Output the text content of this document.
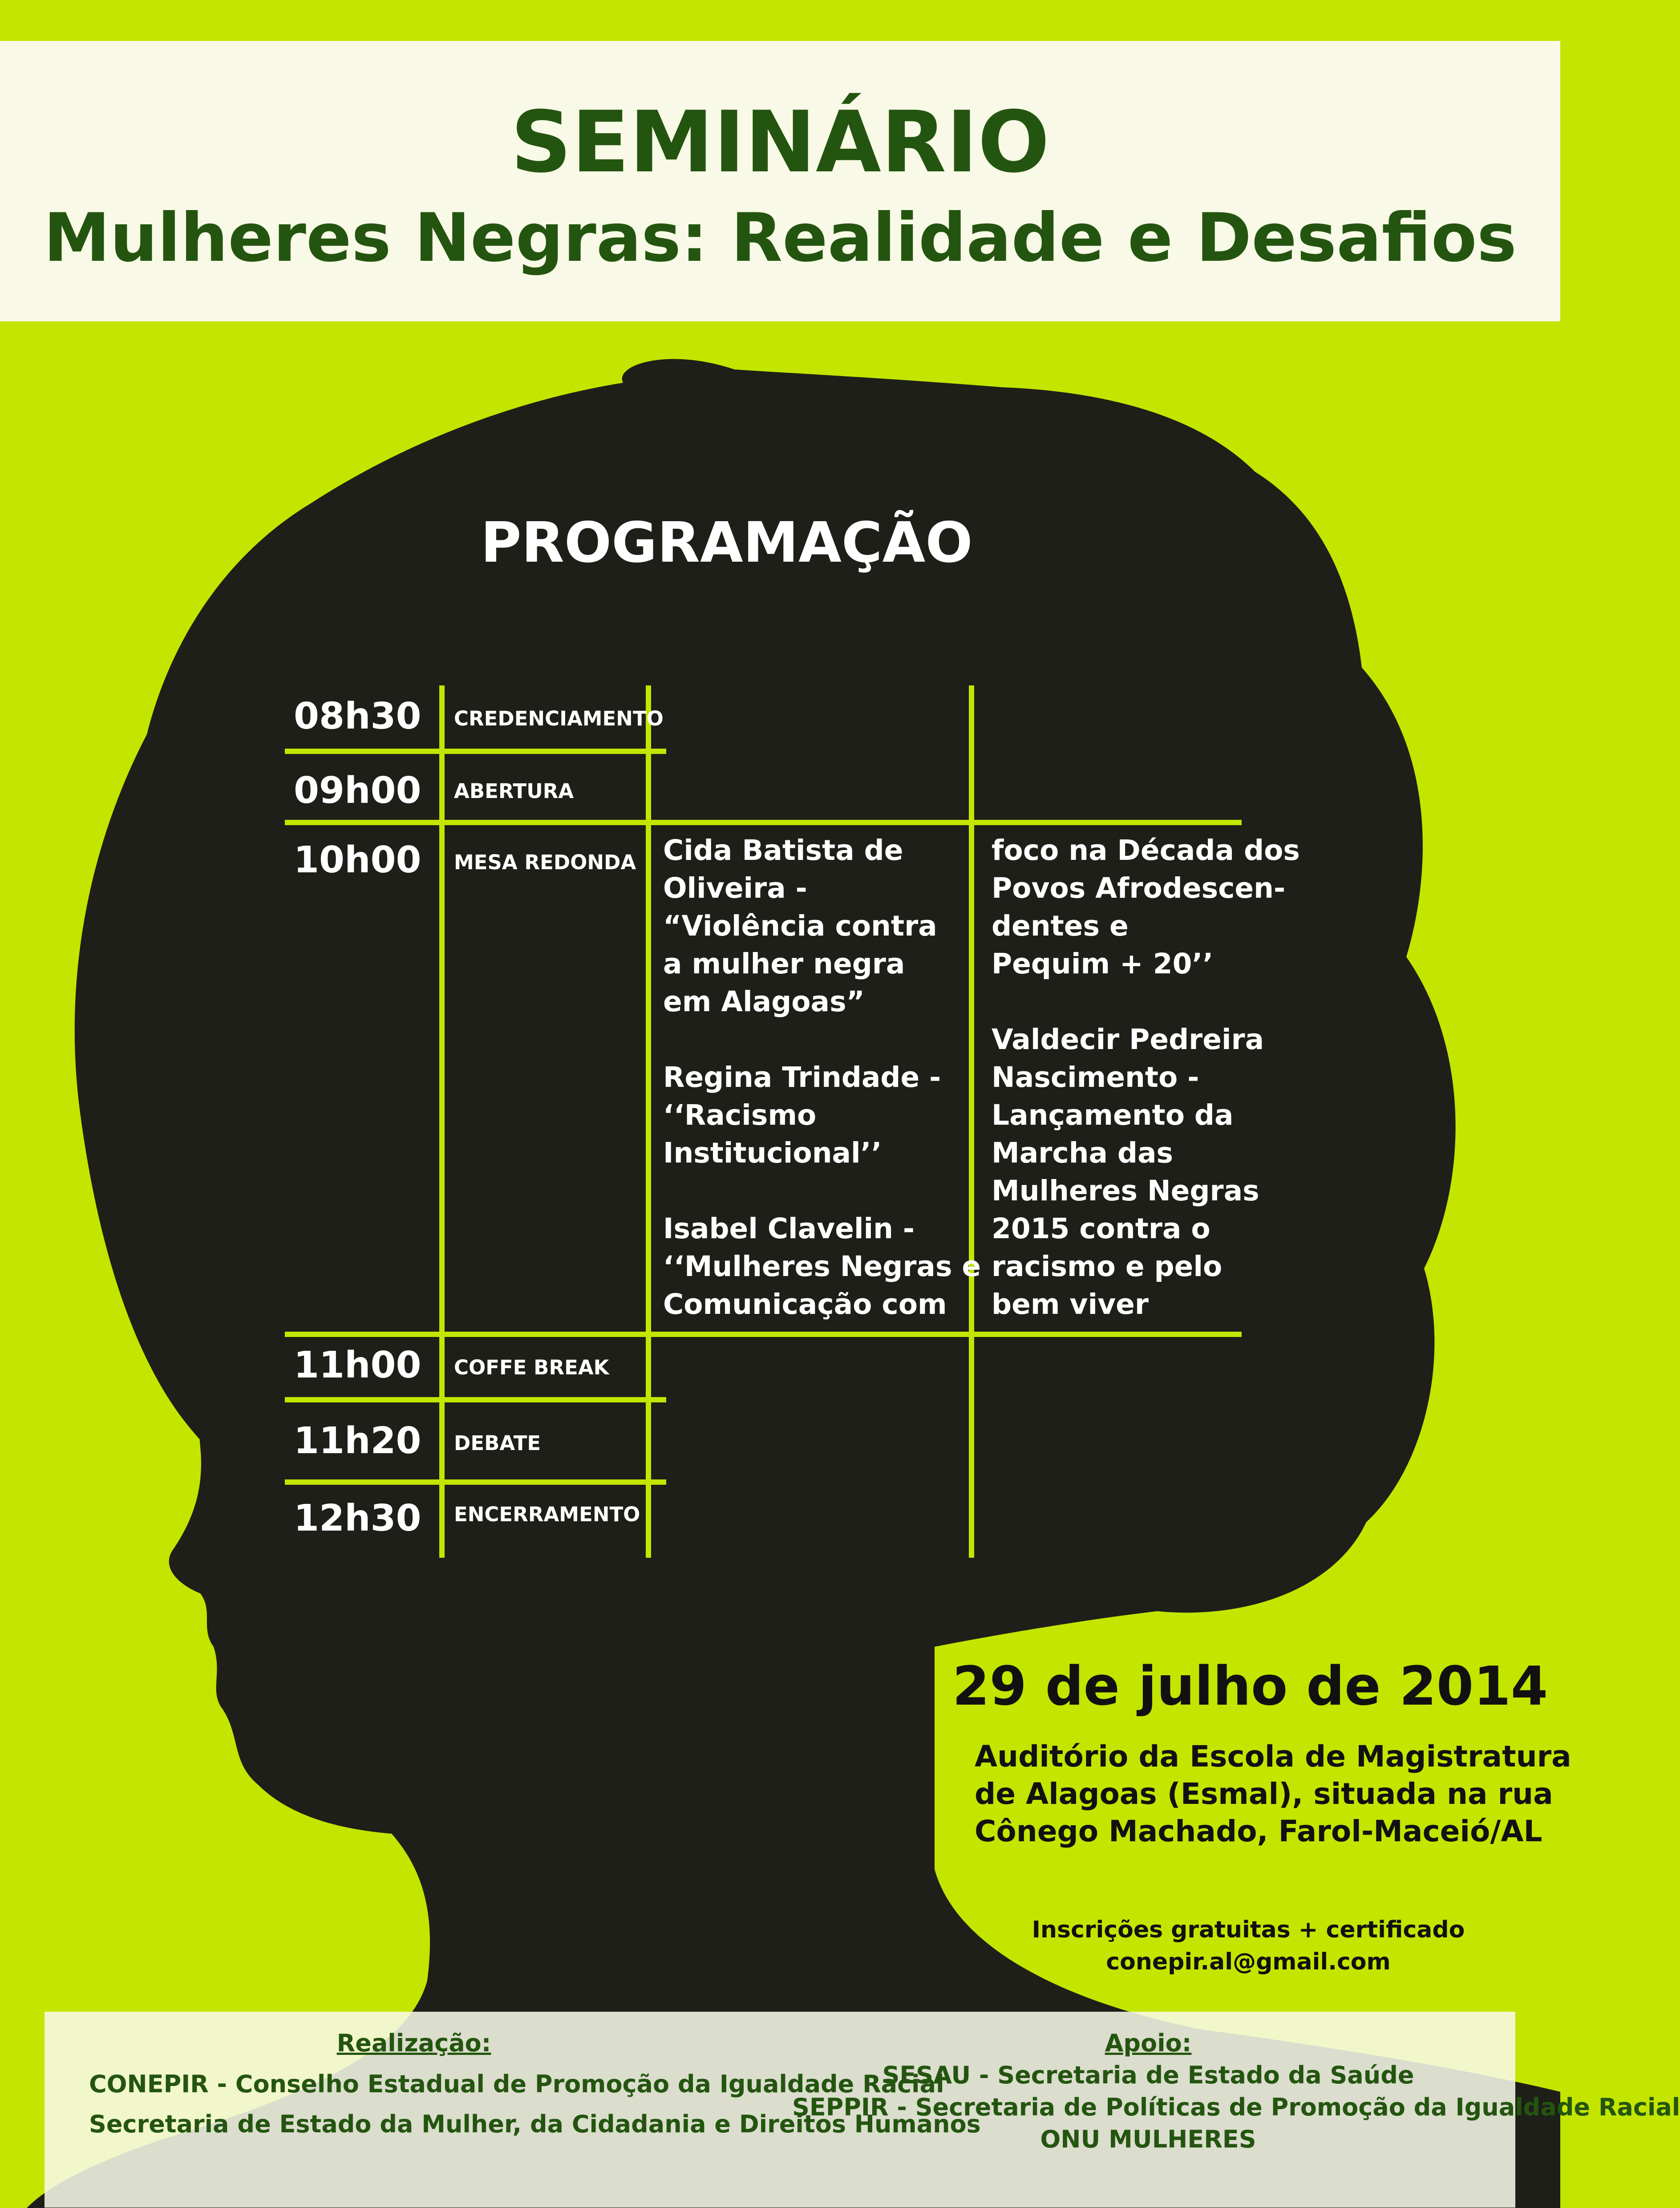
SEMINÁRIO
Mulheres Negras: Realidade e Desafios
PROGRAMAÇÃO
08h30 CREDENCIAMENTO
09h00 ABERTURA
10h00 MESA REDONDA
11h00 COFFE BREAK
11h20 DEBATE
12h30 ENCERRAMENTO

Cida Batista de

Oliveira -

“Violência contra

a mulher negra

em Alagoas”

Regina Trindade -

‘‘Racismo

Institucional’’

Isabel Clavelin -

‘‘Mulheres Negras e

Comunicação com

foco na Década dos

Povos Afrodescen-

dentes e

Pequim + 20’’

Valdecir Pedreira

Nascimento -

Lançamento da

Marcha das

Mulheres Negras

2015 contra o

racismo e pelo

bem viver

29 de julho de 2014
Auditório da Escola de Magistratura
de Alagoas (Esmal), situada na rua
Cônego Machado, Farol-Maceió/AL
Inscrições gratuitas + certificado
conepir.al@gmail.com
Realização:
CONEPIR - Conselho Estadual de Promoção da Igualdade Racial
Secretaria de Estado da Mulher, da Cidadania e Direitos Humanos
Apoio:
SESAU - Secretaria de Estado da Saúde
SEPPIR - Secretaria de Políticas de Promoção da Igualdade Racial
ONU MULHERES
